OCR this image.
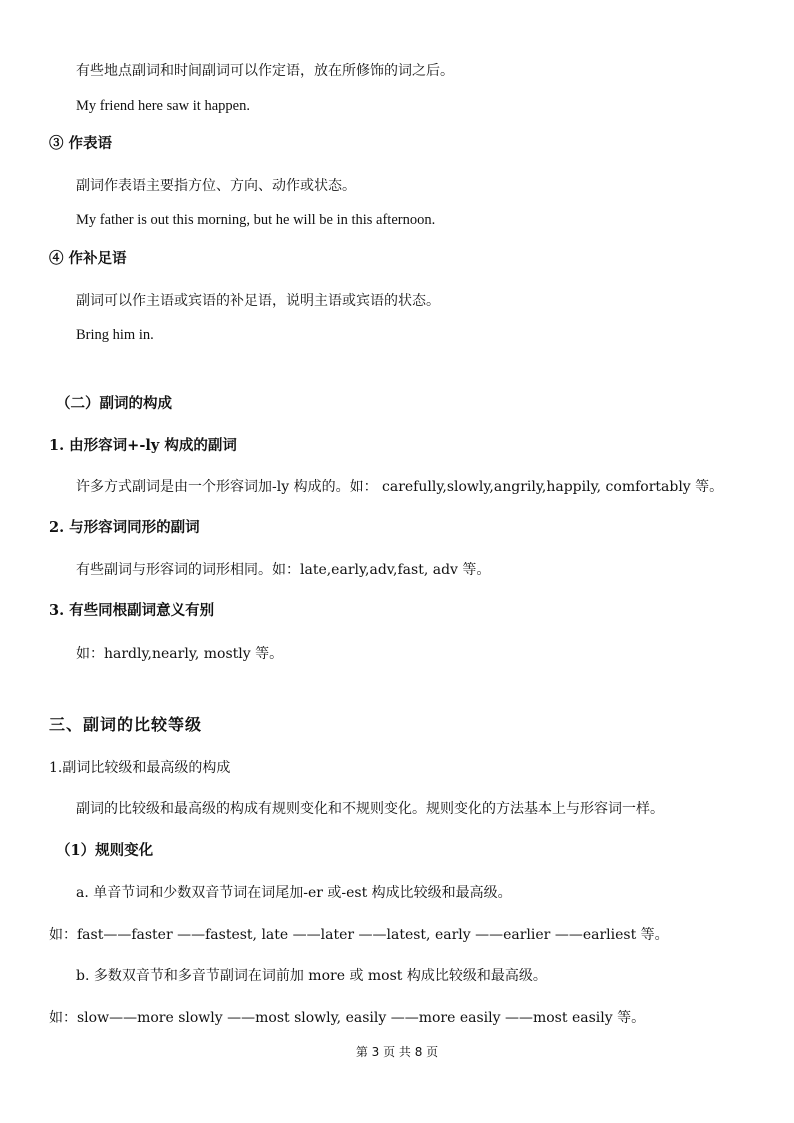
有些地点副词和时间副词可以作定语，放在所修饰的词之后。
My friend here saw it happen.
③ 作表语
副词作表语主要指方位、方向、动作或状态。
My father is out this morning, but he will be in this afternoon.
④ 作补足语
副词可以作主语或宾语的补足语，说明主语或宾语的状态。
Bring him in.
（二）副词的构成
1. 由形容词+-ly 构成的副词
许多方式副词是由一个形容词加-ly 构成的。如： carefully,slowly,angrily,happily, comfortably 等。
2. 与形容词同形的副词
有些副词与形容词的词形相同。如：late,early,adv,fast, adv 等。
3. 有些同根副词意义有别
如：hardly,nearly, mostly 等。
三、副词的比较等级
1.副词比较级和最高级的构成
副词的比较级和最高级的构成有规则变化和不规则变化。规则变化的方法基本上与形容词一样。
（1）规则变化
a. 单音节词和少数双音节词在词尾加-er 或-est 构成比较级和最高级。
如：fast——faster ——fastest, late ——later ——latest, early ——earlier ——earliest 等。
b. 多数双音节和多音节副词在词前加 more 或 most 构成比较级和最高级。
如：slow——more slowly ——most slowly, easily ——more easily ——most easily 等。
第 3 页 共 8 页
